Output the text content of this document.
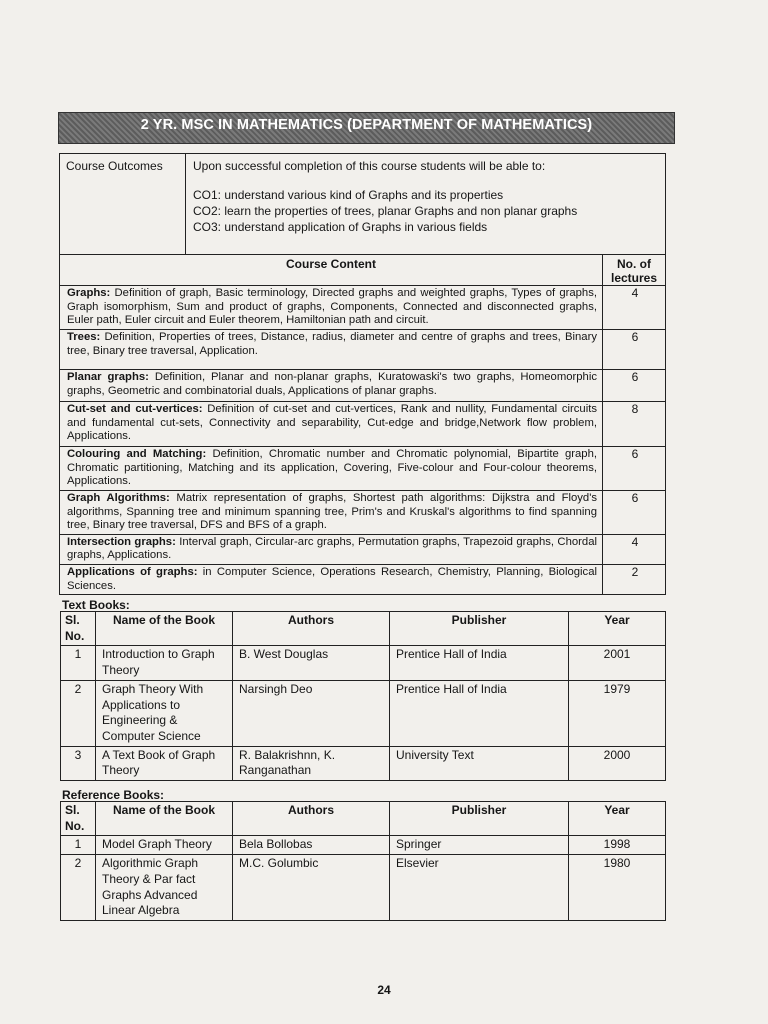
2 YR. MSC IN MATHEMATICS (DEPARTMENT OF MATHEMATICS)
Course Outcomes	Upon successful completion of this course students will be able to:
CO1: understand various kind of Graphs and its properties
CO2: learn the properties of trees, planar Graphs and non planar graphs
CO3: understand application of Graphs in various fields	

Course Content		No. of lectures
Graphs: Definition of graph, Basic terminology, Directed graphs and weighted graphs, Types of graphs, Graph isomorphism, Sum and product of graphs, Components, Connected and disconnected graphs, Euler path, Euler circuit and Euler theorem, Hamiltonian path and circuit.		4
Trees: Definition, Properties of trees, Distance, radius, diameter and centre of graphs and trees, Binary tree, Binary tree traversal, Application.		6
Planar graphs: Definition, Planar and non-planar graphs, Kuratowaski's two graphs, Homeomorphic graphs, Geometric and combinatorial duals, Applications of planar graphs.		6
Cut-set and cut-vertices: Definition of cut-set and cut-vertices, Rank and nullity, Fundamental circuits and fundamental cut-sets, Connectivity and separability, Cut-edge and bridge,Network flow problem, Applications.		8
Colouring and Matching: Definition, Chromatic number and Chromatic polynomial, Bipartite graph, Chromatic partitioning, Matching and its application, Covering, Five-colour and Four-colour theorems, Applications.		6
Graph Algorithms: Matrix representation of graphs, Shortest path algorithms: Dijkstra and Floyd's algorithms, Spanning tree and minimum spanning tree, Prim's and Kruskal's algorithms to find spanning tree, Binary tree traversal, DFS and BFS of a graph.		6
Intersection graphs: Interval graph, Circular-arc graphs, Permutation graphs, Trapezoid graphs, Chordal graphs, Applications.		4
Applications of graphs: in Computer Science, Operations Research, Chemistry, Planning, Biological Sciences.		2
Text Books:
Sl. No.	Name of the Book	Authors	Publisher	Year
1	Introduction to Graph Theory	B. West Douglas	Prentice Hall of India	2001
2	Graph Theory With Applications to Engineering & Computer Science	Narsingh Deo	Prentice Hall of India	1979
3	A Text Book of Graph Theory	R. Balakrishnn, K. Ranganathan	University Text	2000
Reference Books:
Sl. No.	Name of the Book	Authors	Publisher	Year
1	Model Graph Theory	Bela Bollobas	Springer	1998
2	Algorithmic Graph Theory & Par fact Graphs Advanced Linear Algebra	M.C. Golumbic	Elsevier	1980
24
